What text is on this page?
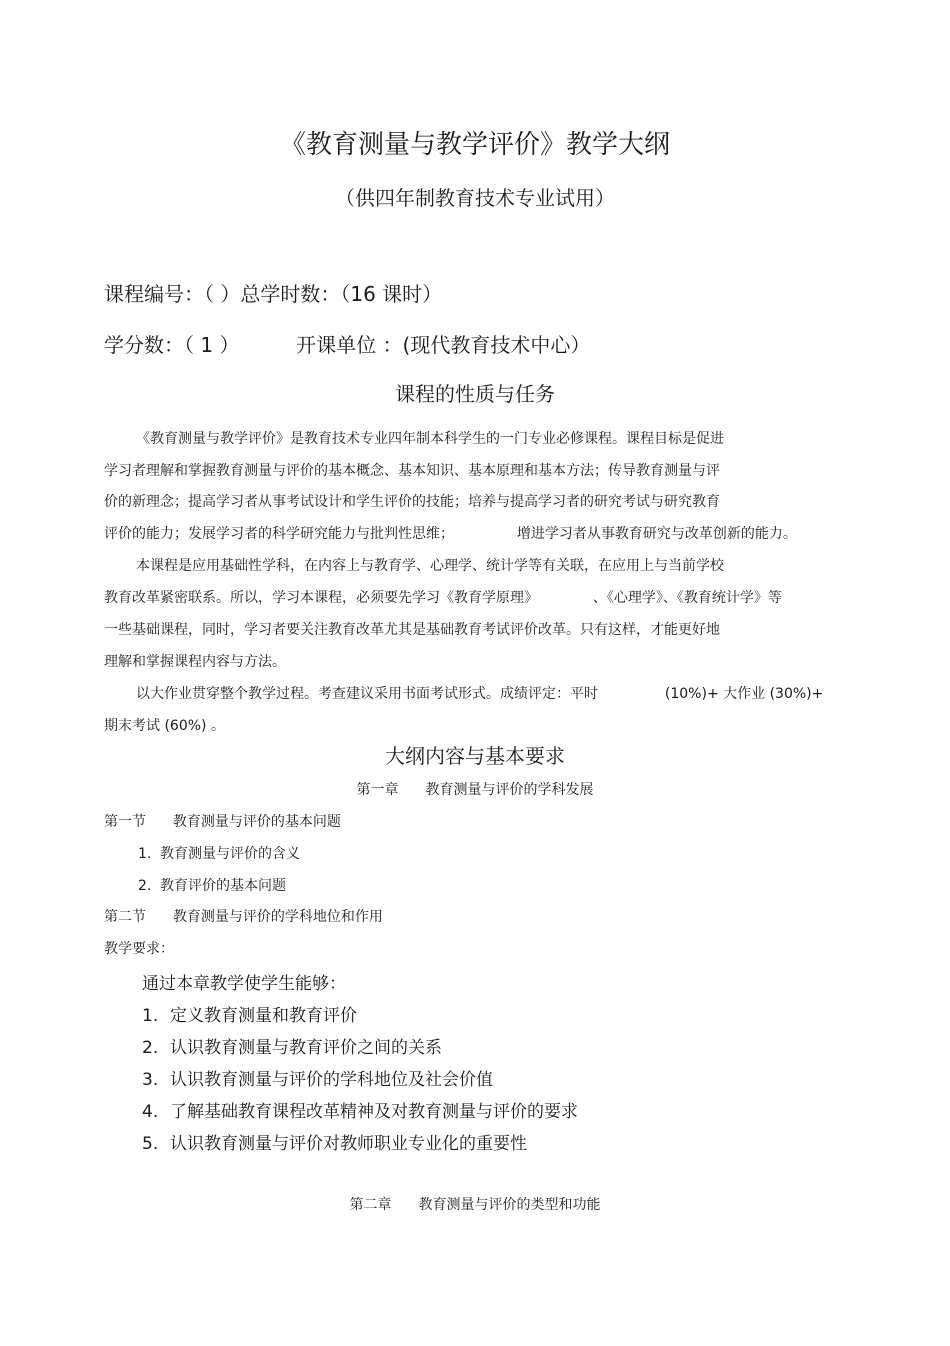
《教育测量与教学评价》教学大纲
（供四年制教育技术专业试用）
课程编号：（ ）总学时数：（16 课时）
学分数：（ 1 ）	开课单位 ：(现代教育技术中心）
课程的性质与任务
《教育测量与教学评价》是教育技术专业四年制本科学生的一门专业必修课程。课程目标是促进
学习者理解和掌握教育测量与评价的基本概念、基本知识、基本原理和基本方法；传导教育测量与评
价的新理念；提高学习者从事考试设计和学生评价的技能；培养与提高学习者的研究考试与研究教育
评价的能力；发展学习者的科学研究能力与批判性思维；	增进学习者从事教育研究与改革创新的能力。
本课程是应用基础性学科，在内容上与教育学、心理学、统计学等有关联，在应用上与当前学校
教育改革紧密联系。所以，学习本课程，必须要先学习《教育学原理》	、《心理学》、《教育统计学》等
一些基础课程，同时，学习者要关注教育改革尤其是基础教育考试评价改革。只有这样，才能更好地
理解和掌握课程内容与方法。
以大作业贯穿整个教学过程。考查建议采用书面考试形式。成绩评定：平时	(10%)+ 大作业 (30%)+
期末考试 (60%) 。
大纲内容与基本要求
第一章 教育测量与评价的学科发展
第一节 教育测量与评价的基本问题
1. 教育测量与评价的含义
2. 教育评价的基本问题
第二节 教育测量与评价的学科地位和作用
教学要求：
通过本章教学使学生能够：
1. 定义教育测量和教育评价
2. 认识教育测量与教育评价之间的关系
3. 认识教育测量与评价的学科地位及社会价值
4. 了解基础教育课程改革精神及对教育测量与评价的要求
5. 认识教育测量与评价对教师职业专业化的重要性
第二章 教育测量与评价的类型和功能
